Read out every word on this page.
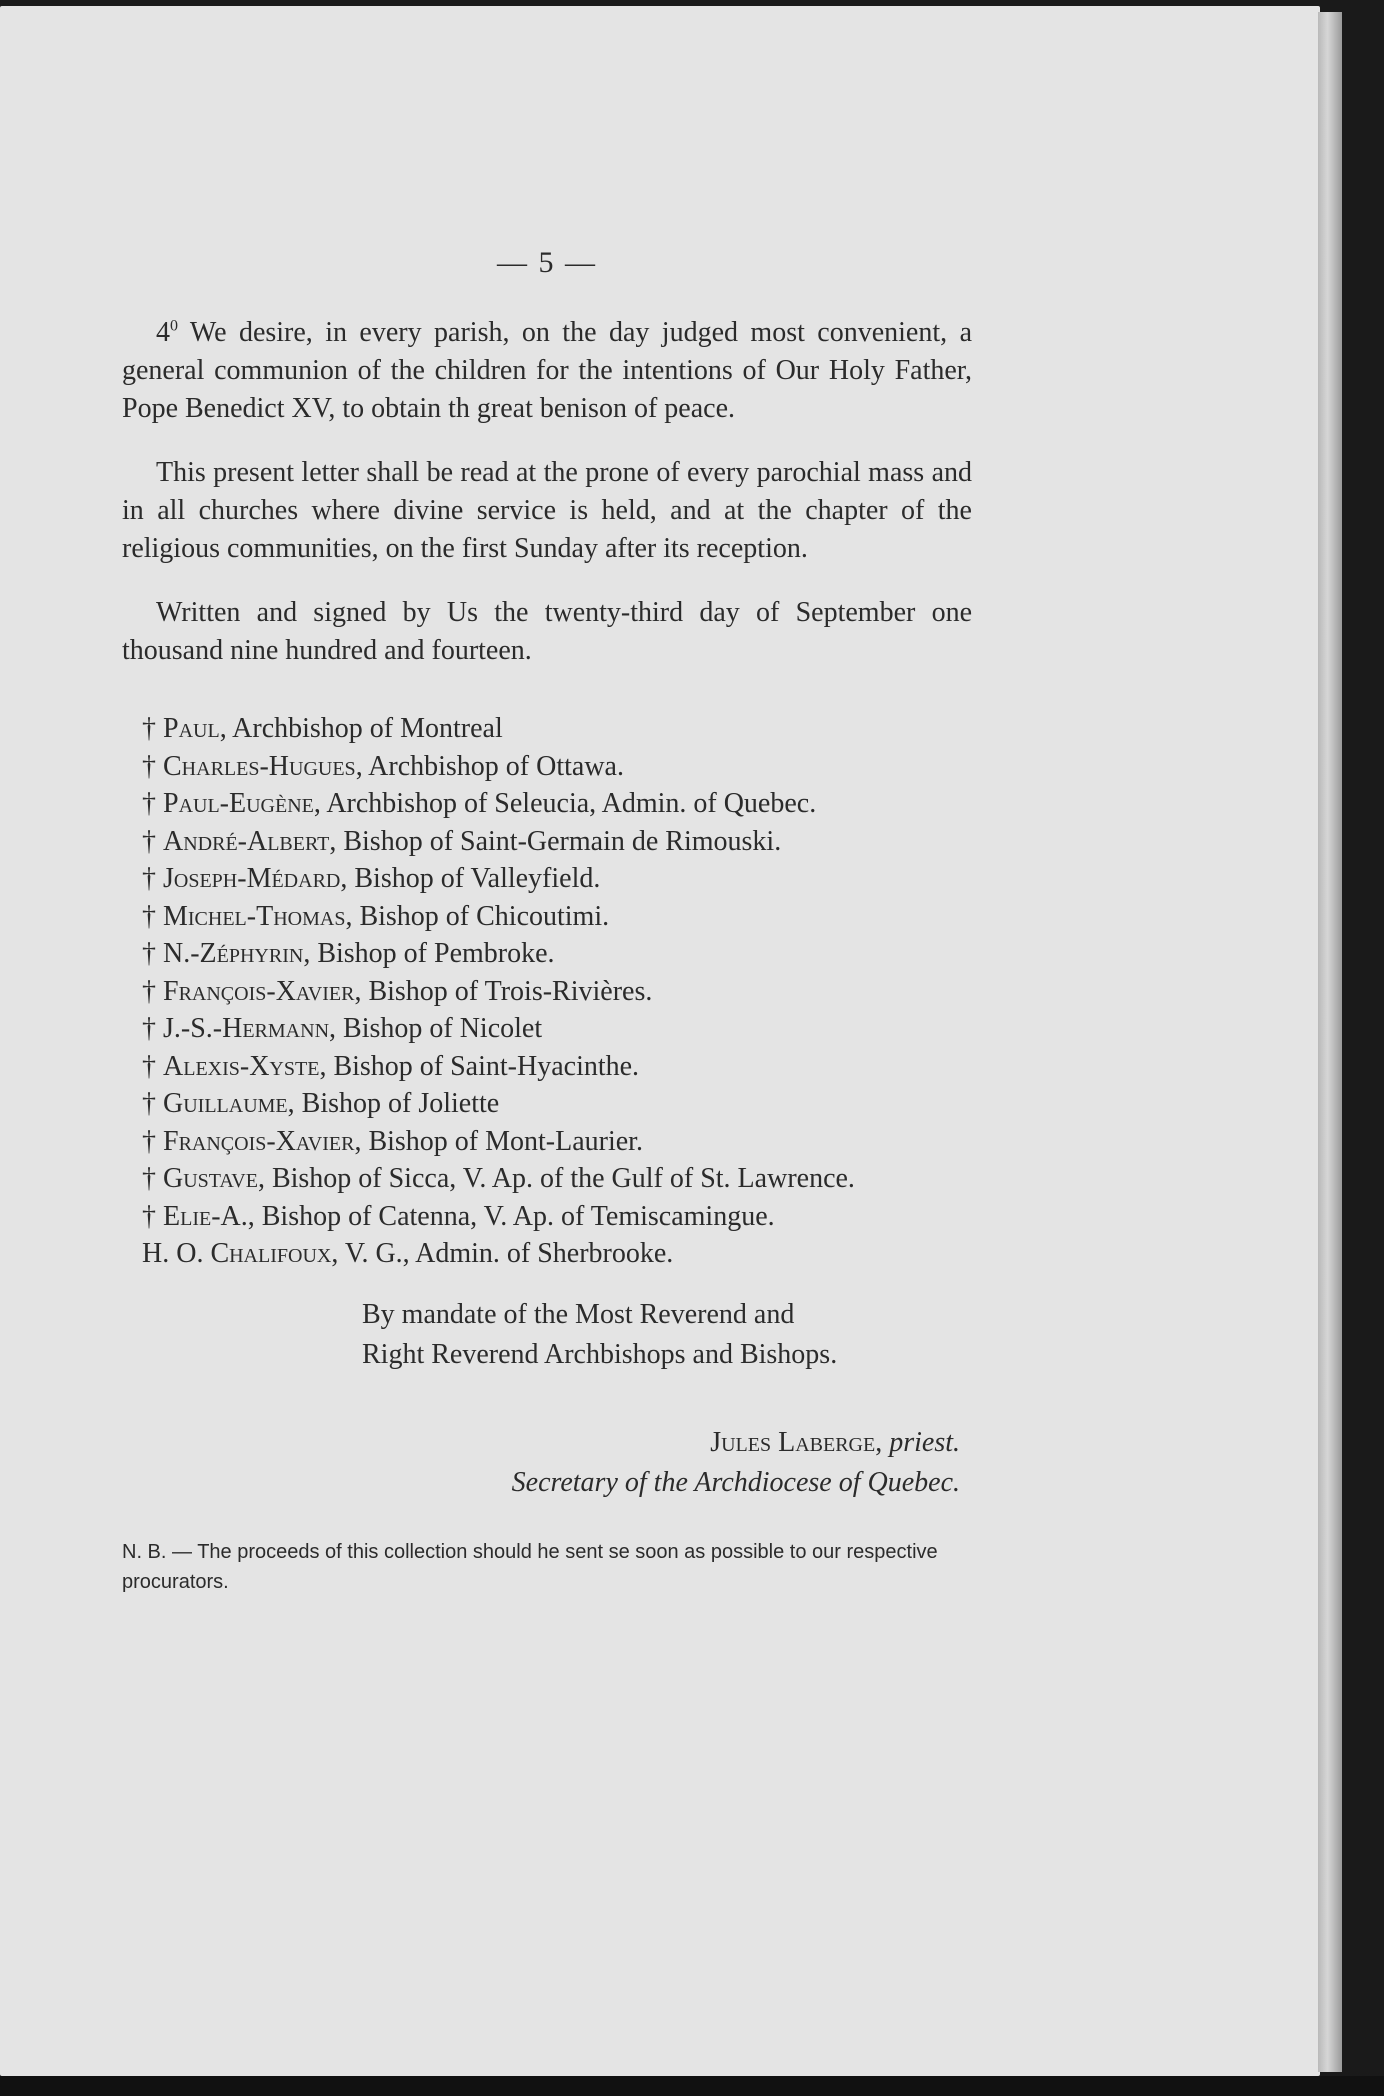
— 5 —

$4^0$ We desire, in every parish, on the day judged most convenient, a general communion of the children for the intentions of Our Holy Father, Pope Benedict XV, to obtain th great benison of peace.

This present letter shall be read at the prone of every parochial mass and in all churches where divine service is held, and at the chapter of the religious communities, on the first Sunday after its reception.

Written and signed by Us the twenty-third day of September one thousand nine hundred and fourteen.

† Paul, Archbishop of Montreal
† Charles-Hugues, Archbishop of Ottawa.
† Paul-Eugène, Archbishop of Seleucia, Admin. of Quebec.
† André-Albert, Bishop of Saint-Germain de Rimouski.
† Joseph-Médard, Bishop of Valleyfield.
† Michel-Thomas, Bishop of Chicoutimi.
† N.-Zéphyrin, Bishop of Pembroke.
† François-Xavier, Bishop of Trois-Rivières.
† J.-S.-Hermann, Bishop of Nicolet
† Alexis-Xyste, Bishop of Saint-Hyacinthe.
† Guillaume, Bishop of Joliette
† François-Xavier, Bishop of Mont-Laurier.
† Gustave, Bishop of Sicca, V. Ap. of the Gulf of St. Lawrence.
† Elie-A., Bishop of Catenna, V. Ap. of Temiscamingue.
H. O. Chalifoux, V. G., Admin. of Sherbrooke.
By mandate of the Most Reverend and
Right Reverend Archbishops and Bishops.
Jules Laberge, priest.
Secretary of the Archdiocese of Quebec.
N. B. — The proceeds of this collection should he sent se soon as possible to our respective procurators.
